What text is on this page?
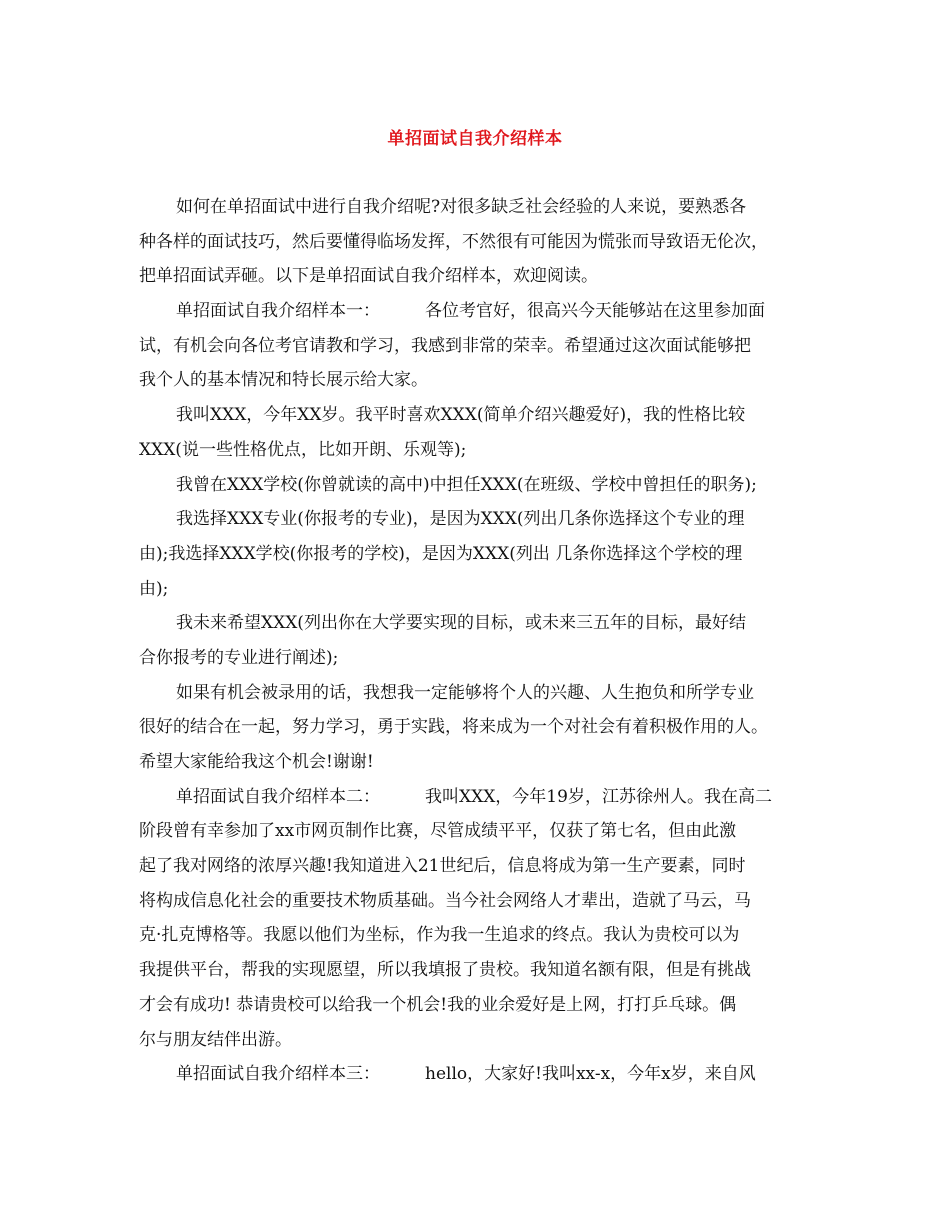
单招面试自我介绍样本
如何在单招面试中进行自我介绍呢?对很多缺乏社会经验的人来说，要熟悉各
种各样的面试技巧，然后要懂得临场发挥，不然很有可能因为慌张而导致语无伦次，
把单招面试弄砸。以下是单招面试自我介绍样本，欢迎阅读。
单招面试自我介绍样本一：	各位考官好，很高兴今天能够站在这里参加面
试，有机会向各位考官请教和学习，我感到非常的荣幸。希望通过这次面试能够把
我个人的基本情况和特长展示给大家。
我叫XXX，今年XX岁。我平时喜欢XXX(简单介绍兴趣爱好)，我的性格比较
XXX(说一些性格优点，比如开朗、乐观等);
我曾在XXX学校(你曾就读的高中)中担任XXX(在班级、学校中曾担任的职务);
我选择XXX专业(你报考的专业)，是因为XXX(列出几条你选择这个专业的理
由);我选择XXX学校(你报考的学校)，是因为XXX(列出 几条你选择这个学校的理
由);
我未来希望XXX(列出你在大学要实现的目标，或未来三五年的目标，最好结
合你报考的专业进行阐述);
如果有机会被录用的话，我想我一定能够将个人的兴趣、人生抱负和所学专业
很好的结合在一起，努力学习，勇于实践，将来成为一个对社会有着积极作用的人。
希望大家能给我这个机会!谢谢!
单招面试自我介绍样本二：	我叫XXX，今年19岁，江苏徐州人。我在高二
阶段曾有幸参加了xx市网页制作比赛，尽管成绩平平，仅获了第七名，但由此激
起了我对网络的浓厚兴趣!我知道进入21世纪后，信息将成为第一生产要素，同时
将构成信息化社会的重要技术物质基础。当今社会网络人才辈出，造就了马云，马
克·扎克博格等。我愿以他们为坐标，作为我一生追求的终点。我认为贵校可以为
我提供平台，帮我的实现愿望，所以我填报了贵校。我知道名额有限，但是有挑战
才会有成功! 恭请贵校可以给我一个机会!我的业余爱好是上网，打打乒乓球。偶
尔与朋友结伴出游。
单招面试自我介绍样本三：	hello，大家好!我叫xx-x，今年x岁，来自风
